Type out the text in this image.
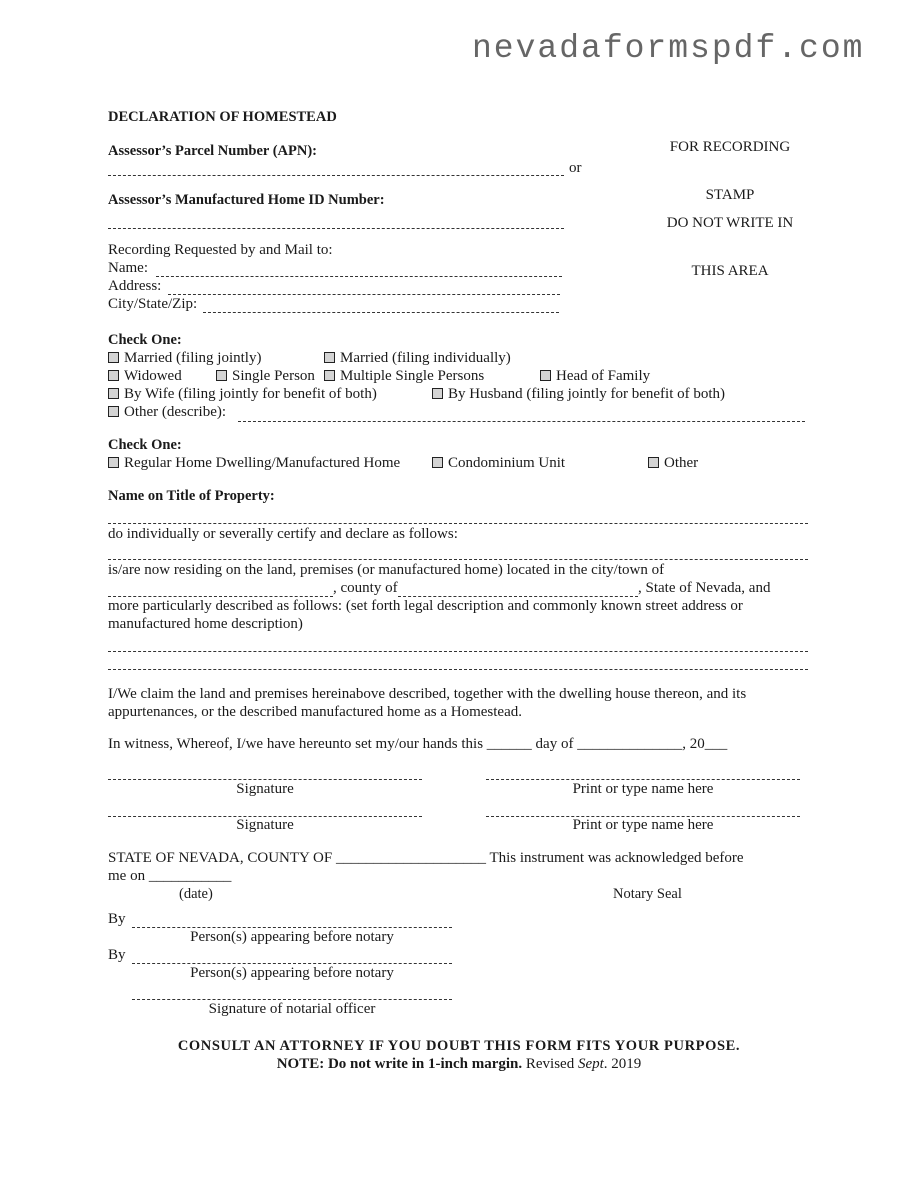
nevadaformspdf.com
DECLARATION OF HOMESTEAD

FOR RECORDING

STAMP

DO NOT WRITE IN

THIS AREA

Assessor’s Parcel Number (APN):
or
Assessor’s Manufactured Home ID Number:
Recording Requested by and Mail to:
Name:
Address:
City/State/Zip:
Check One:
Married (filing jointly)	Married (filing individually)
Widowed	Single Person	Multiple Single Persons	Head of Family
By Wife (filing jointly for benefit of both)	By Husband (filing jointly for benefit of both)
Other (describe):
Check One:
Regular Home Dwelling/Manufactured Home	Condominium Unit	Other
Name on Title of Property:
do individually or severally certify and declare as follows:
is/are now residing on the land, premises (or manufactured home) located in the city/town of
, county of	, State of Nevada, and
more particularly described as follows: (set forth legal description and commonly known street address or
manufactured home description)
I/We claim the land and premises hereinabove described, together with the dwelling house thereon, and its
appurtenances, or the described manufactured home as a Homestead.
In witness, Whereof, I/we have hereunto set my/our hands this ______ day of ______________, 20___
Signature	Print or type name here
Signature	Print or type name here
STATE OF NEVADA, COUNTY OF ____________________ This instrument was acknowledged before
me on ___________
(date)	Notary Seal
By
Person(s) appearing before notary
By
Person(s) appearing before notary
Signature of notarial officer
CONSULT AN ATTORNEY IF YOU DOUBT THIS FORM FITS YOUR PURPOSE.
NOTE: Do not write in 1-inch margin. Revised Sept. 2019
